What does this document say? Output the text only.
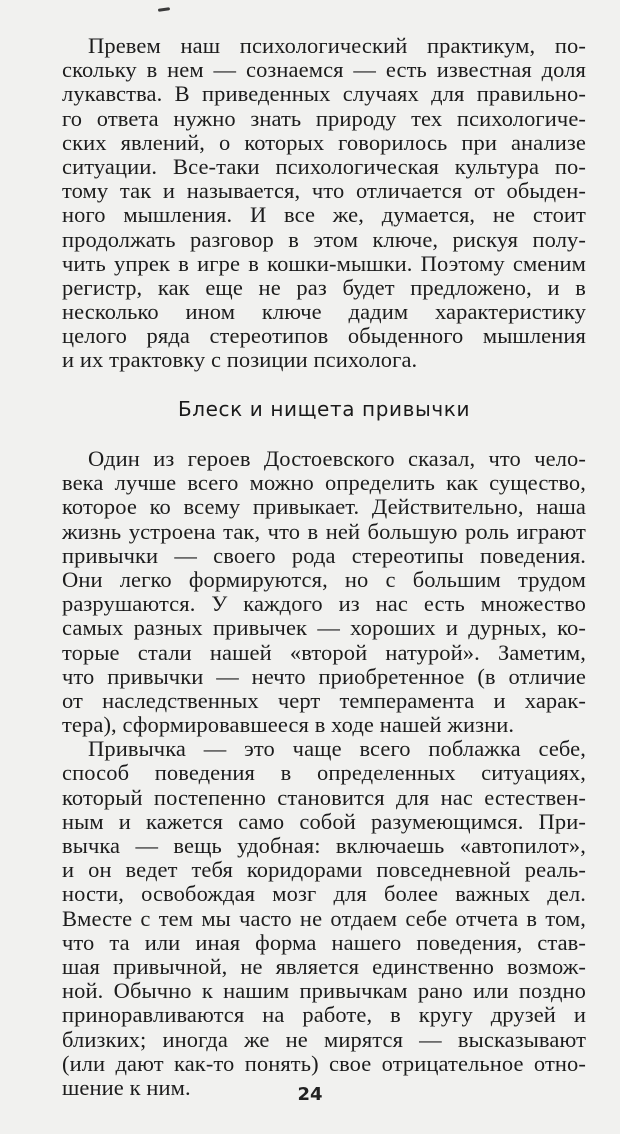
Превем наш психологический практикум, по-
скольку в нем — сознаемся — есть известная доля
лукавства. В приведенных случаях для правильно-
го ответа нужно знать природу тех психологиче-
ских явлений, о которых говорилось при анализе
ситуации. Все-таки психологическая культура по-
тому так и называется, что отличается от обыден-
ного мышления. И все же, думается, не стоит
продолжать разговор в этом ключе, рискуя полу-
чить упрек в игре в кошки-мышки. Поэтому сменим
регистр, как еще не раз будет предложено, и в
несколько ином ключе дадим характеристику
целого ряда стереотипов обыденного мышления
и их трактовку с позиции психолога.
Блеск и нищета привычки
Один из героев Достоевского сказал, что чело-
века лучше всего можно определить как существо,
которое ко всему привыкает. Действительно, наша
жизнь устроена так, что в ней большую роль играют
привычки — своего рода стереотипы поведения.
Они легко формируются, но с большим трудом
разрушаются. У каждого из нас есть множество
самых разных привычек — хороших и дурных, ко-
торые стали нашей «второй натурой». Заметим,
что привычки — нечто приобретенное (в отличие
от наследственных черт темперамента и харак-
тера), сформировавшееся в ходе нашей жизни.
Привычка — это чаще всего поблажка себе,
способ поведения в определенных ситуациях,
который постепенно становится для нас естествен-
ным и кажется само собой разумеющимся. При-
вычка — вещь удобная: включаешь «автопилот»,
и он ведет тебя коридорами повседневной реаль-
ности, освобождая мозг для более важных дел.
Вместе с тем мы часто не отдаем себе отчета в том,
что та или иная форма нашего поведения, став-
шая привычной, не является единственно возмож-
ной. Обычно к нашим привычкам рано или поздно
приноравливаются на работе, в кругу друзей и
близких; иногда же не мирятся — высказывают
(или дают как-то понять) свое отрицательное отно-
шение к ним.	24
